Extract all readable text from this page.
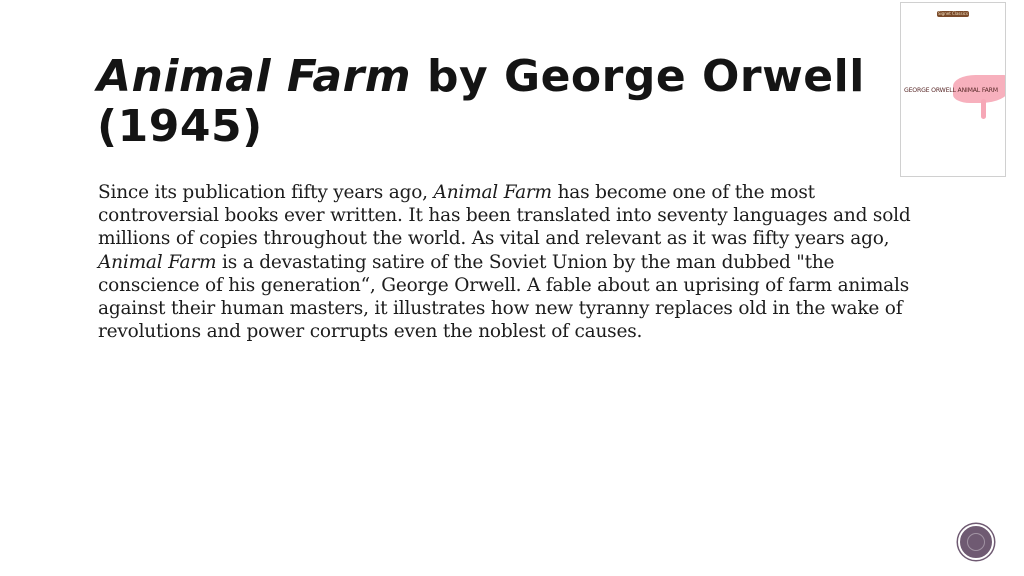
Animal Farm by George Orwell (1945)

Since its publication fifty years ago, Animal Farm has become one of the most controversial books ever written. It has been translated into seventy languages and sold millions of copies throughout the world. As vital and relevant as it was fifty years ago, Animal Farm is a devastating satire of the Soviet Union by the man dubbed "the conscience of his generation“, George Orwell. A fable about an uprising of farm animals against their human masters, it illustrates how new tyranny replaces old in the wake of revolutions and power corrupts even the noblest of causes.

Signet Classics
GEORGE ORWELL ANIMAL FARM
